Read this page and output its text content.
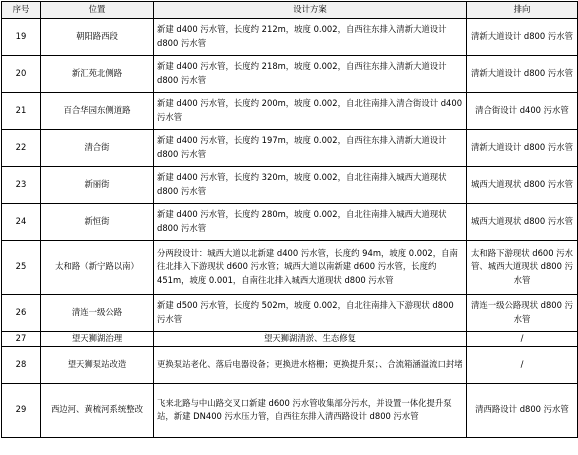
序号	位置	设计方案	排向
19	朝阳路西段	新建 d400 污水管，长度约 212m，坡度 0.002，自西往东排入清新大道设计 d800 污水管	清新大道设计 d800 污水管
20	新汇苑北侧路	新建 d400 污水管，长度约 218m，坡度 0.002，自西往东排入清新大道设计 d800 污水管	清新大道设计 d800 污水管
21	百合华园东侧道路	新建 d400 污水管，长度约 200m，坡度 0.002，自北往南排入清合街设计 d400 污水管	清合街设计 d400 污水管
22	清合街	新建 d400 污水管，长度约 197m，坡度 0.002，自西往东排入清新大道设计 d800 污水管	清新大道设计 d800 污水管
23	新丽街	新建 d400 污水管，长度约 320m，坡度 0.002，自北往南排入城西大道现状 d800 污水管	城西大道现状 d800 污水管
24	新恒街	新建 d400 污水管，长度约 280m，坡度 0.002，自北往南排入城西大道现状 d800 污水管	城西大道现状 d800 污水管
25	太和路（新宁路以南）	分两段设计：城西大道以北新建 d400 污水管，长度约 94m，坡度 0.002，自南往北排入下游现状 d600 污水管；城西大道以南新建 d600 污水管，长度约 451m，坡度 0.001，自南往北排入城西大道现状 d800 污水管	太和路下游现状 d600 污水管、城西大道现状 d800 污水管
26	清连一级公路	新建 d500 污水管，长度约 502m，坡度 0.002，自北往南排入下游现状 d800 污水管	清连一级公路现状 d800 污水管
27	望天狮湖治理	望天狮湖清淤、生态修复	/
28	望天狮泵站改造	更换泵站老化、落后电器设备；更换进水格栅；更换提升泵；、合流箱涵溢流口封堵	/
29	西边河、黄梳河系统整改	飞来北路与中山路交叉口新建 d600 污水管收集部分污水，并设置一体化提升泵站，新建 DN400 污水压力管，自西往东排入清西路设计 d800 污水管	清西路设计 d800 污水管
